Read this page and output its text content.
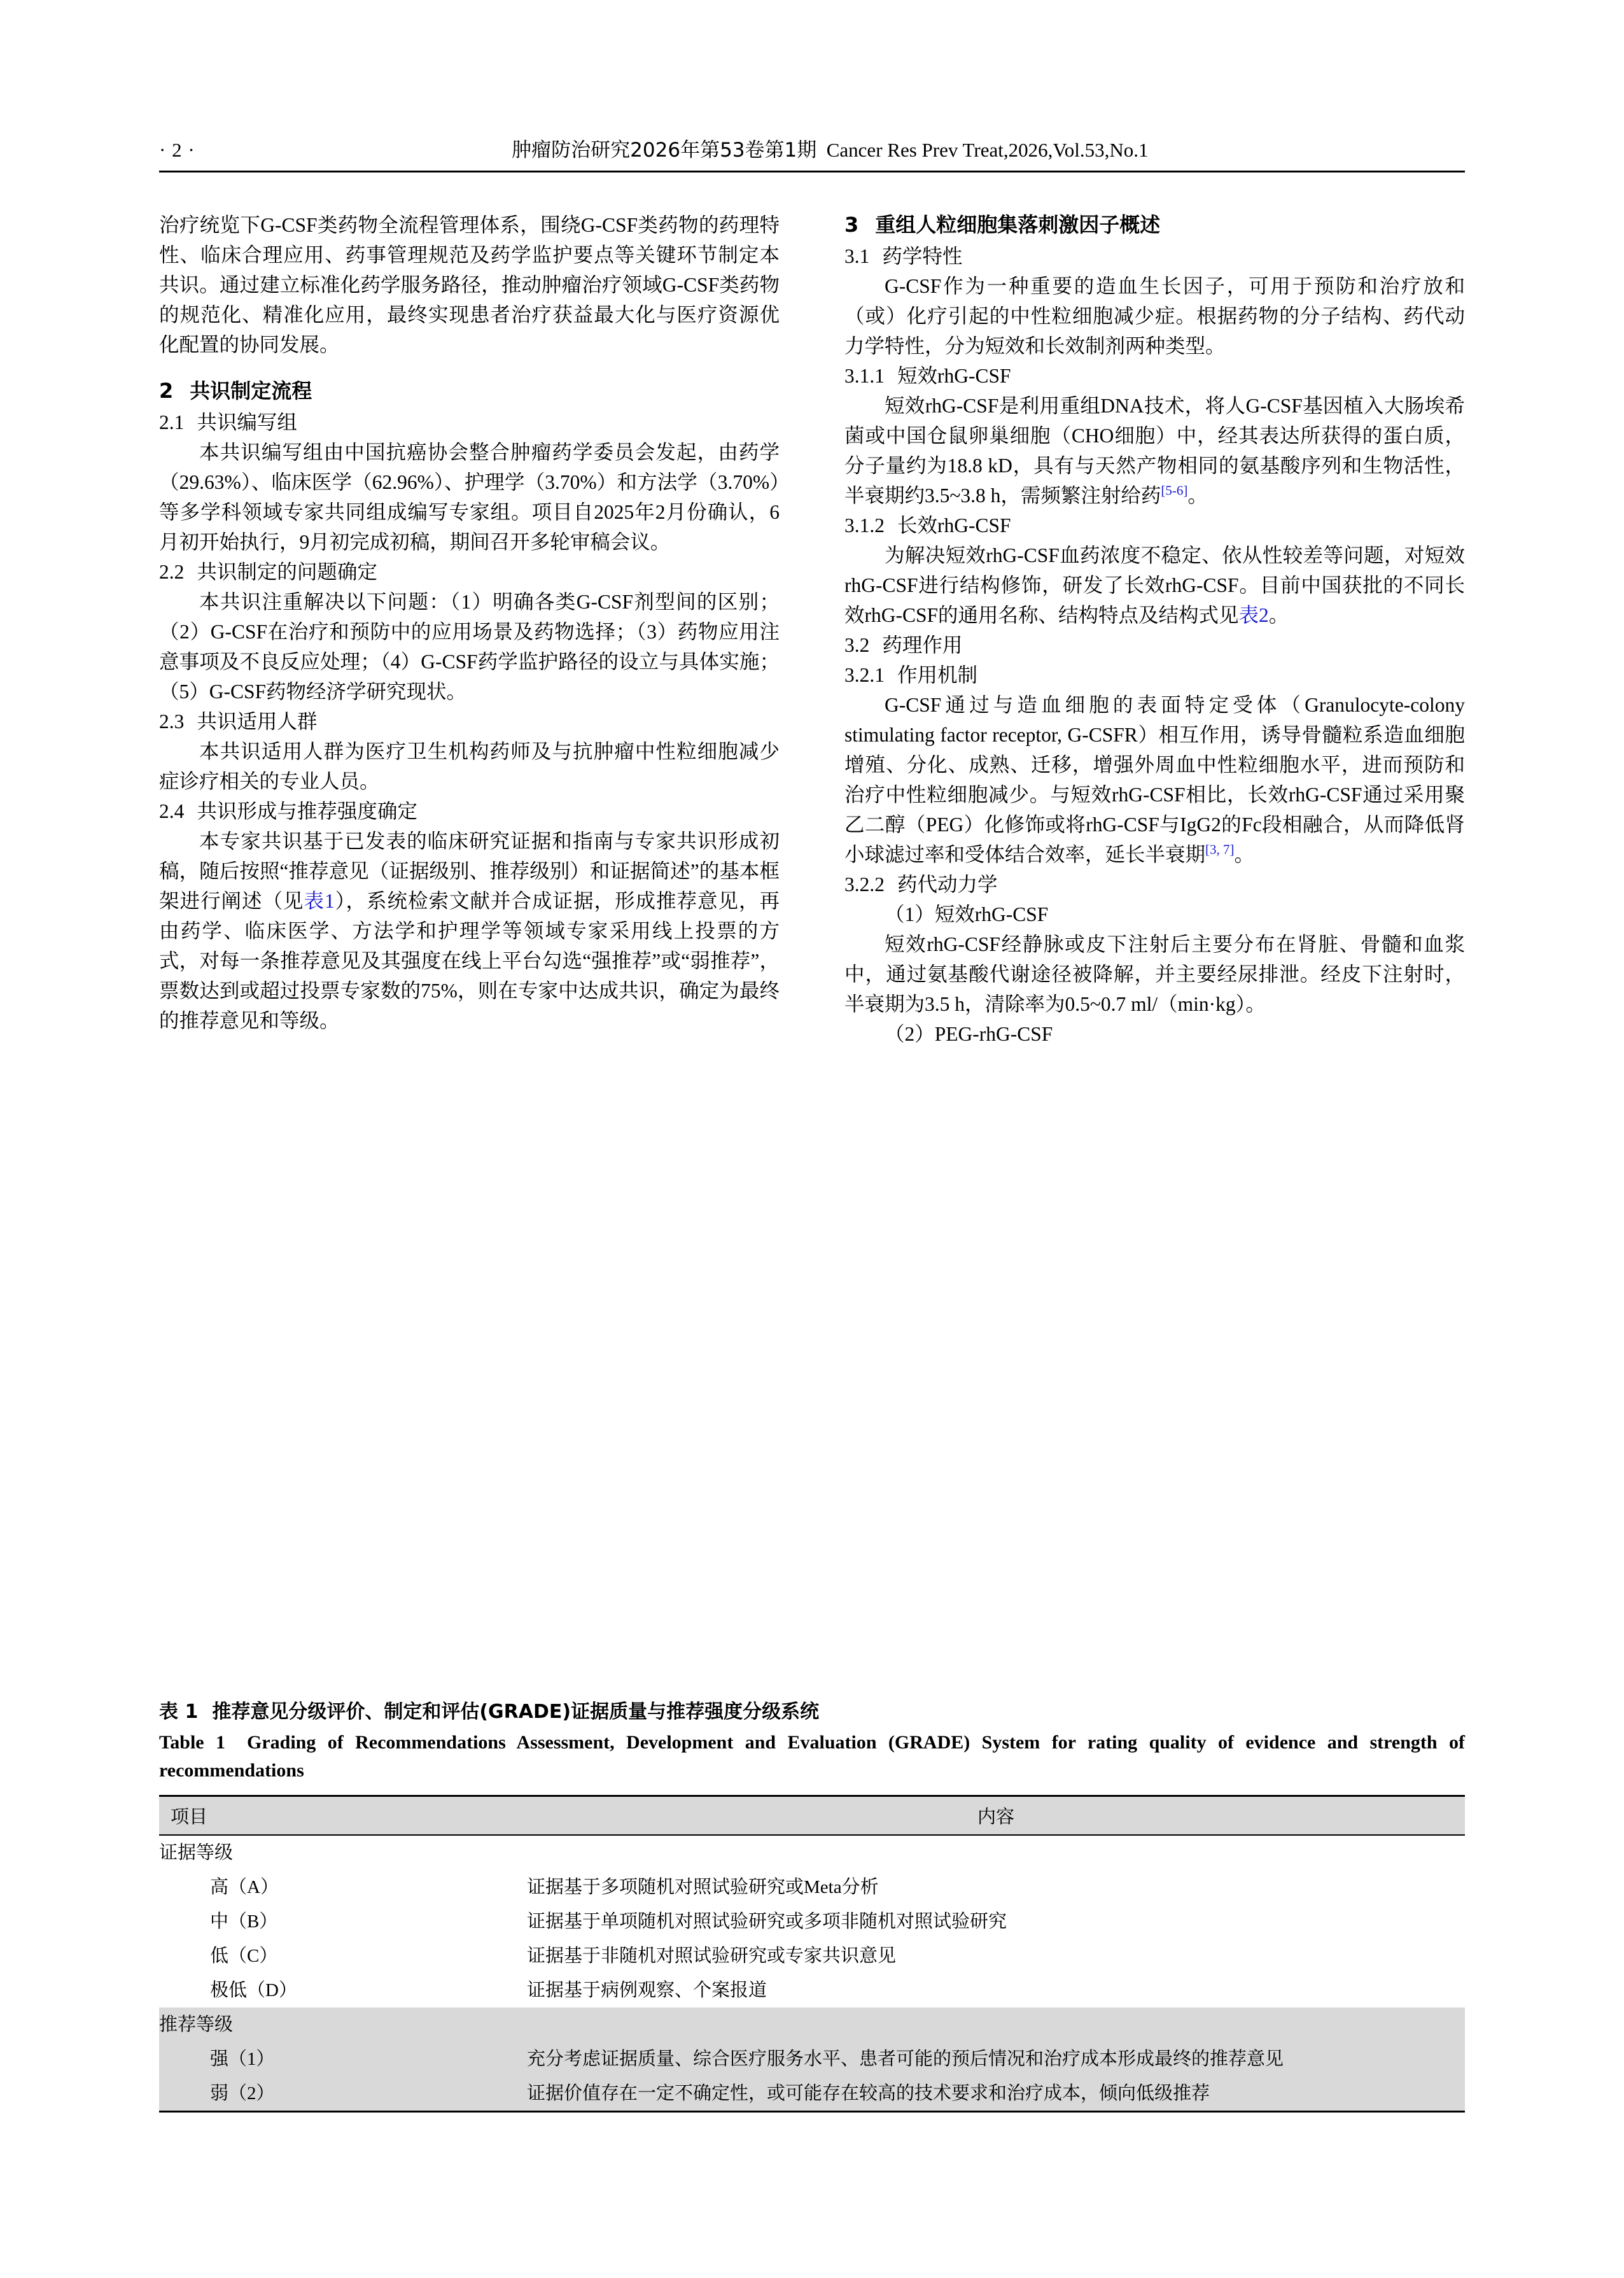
· 2 ·	肿瘤防治研究2026年第53卷第1期 Cancer Res Prev Treat,2026,Vol.53,No.1

治疗统览下G-CSF类药物全流程管理体系，围绕G-CSF类药物的药理特性、临床合理应用、药事管理规范及药学监护要点等关键环节制定本共识。通过建立标准化药学服务路径，推动肿瘤治疗领域G-CSF类药物的规范化、精准化应用，最终实现患者治疗获益最大化与医疗资源优化配置的协同发展。

2 共识制定流程

2.1 共识编写组

本共识编写组由中国抗癌协会整合肿瘤药学委员会发起，由药学（29.63%）、临床医学（62.96%）、护理学（3.70%）和方法学（3.70%）等多学科领域专家共同组成编写专家组。项目自2025年2月份确认，6月初开始执行，9月初完成初稿，期间召开多轮审稿会议。

2.2 共识制定的问题确定

本共识注重解决以下问题：（1）明确各类G-CSF剂型间的区别；（2）G-CSF在治疗和预防中的应用场景及药物选择；（3）药物应用注意事项及不良反应处理；（4）G-CSF药学监护路径的设立与具体实施；（5）G-CSF药物经济学研究现状。

2.3 共识适用人群

本共识适用人群为医疗卫生机构药师及与抗肿瘤中性粒细胞减少症诊疗相关的专业人员。

2.4 共识形成与推荐强度确定

本专家共识基于已发表的临床研究证据和指南与专家共识形成初稿，随后按照“推荐意见（证据级别、推荐级别）和证据简述”的基本框架进行阐述（见表1），系统检索文献并合成证据，形成推荐意见，再由药学、临床医学、方法学和护理学等领域专家采用线上投票的方式，对每一条推荐意见及其强度在线上平台勾选“强推荐”或“弱推荐”，票数达到或超过投票专家数的75%，则在专家中达成共识，确定为最终的推荐意见和等级。

3 重组人粒细胞集落刺激因子概述

3.1 药学特性

G-CSF作为一种重要的造血生长因子，可用于预防和治疗放和（或）化疗引起的中性粒细胞减少症。根据药物的分子结构、药代动力学特性，分为短效和长效制剂两种类型。

3.1.1 短效rhG-CSF

短效rhG-CSF是利用重组DNA技术，将人G-CSF基因植入大肠埃希菌或中国仓鼠卵巢细胞（CHO细胞）中，经其表达所获得的蛋白质，分子量约为18.8 kD，具有与天然产物相同的氨基酸序列和生物活性，半衰期约3.5~3.8 h，需频繁注射给药[5-6]。

3.1.2 长效rhG-CSF

为解决短效rhG-CSF血药浓度不稳定、依从性较差等问题，对短效rhG-CSF进行结构修饰，研发了长效rhG-CSF。目前中国获批的不同长效rhG-CSF的通用名称、结构特点及结构式见表2。

3.2 药理作用

3.2.1 作用机制

G-CSF通过与造血细胞的表面特定受体（Granulocyte-colony stimulating factor receptor, G-CSFR）相互作用，诱导骨髓粒系造血细胞增殖、分化、成熟、迁移，增强外周血中性粒细胞水平，进而预防和治疗中性粒细胞减少。与短效rhG-CSF相比，长效rhG-CSF通过采用聚乙二醇（PEG）化修饰或将rhG-CSF与IgG2的Fc段相融合，从而降低肾小球滤过率和受体结合效率，延长半衰期[3, 7]。

3.2.2 药代动力学

（1）短效rhG-CSF

短效rhG-CSF经静脉或皮下注射后主要分布在肾脏、骨髓和血浆中，通过氨基酸代谢途径被降解，并主要经尿排泄。经皮下注射时，半衰期为3.5 h，清除率为0.5~0.7 ml/（min·kg）。

（2）PEG-rhG-CSF

表 1 推荐意见分级评价、制定和评估(GRADE)证据质量与推荐强度分级系统

Table 1 Grading of Recommendations Assessment, Development and Evaluation (GRADE) System for rating quality of evidence and strength of recommendations

项目	内容
证据等级	
高（A）	证据基于多项随机对照试验研究或Meta分析
中（B）	证据基于单项随机对照试验研究或多项非随机对照试验研究
低（C）	证据基于非随机对照试验研究或专家共识意见
极低（D）	证据基于病例观察、个案报道
推荐等级	
强（1）	充分考虑证据质量、综合医疗服务水平、患者可能的预后情况和治疗成本形成最终的推荐意见
弱（2）	证据价值存在一定不确定性，或可能存在较高的技术要求和治疗成本，倾向低级推荐
